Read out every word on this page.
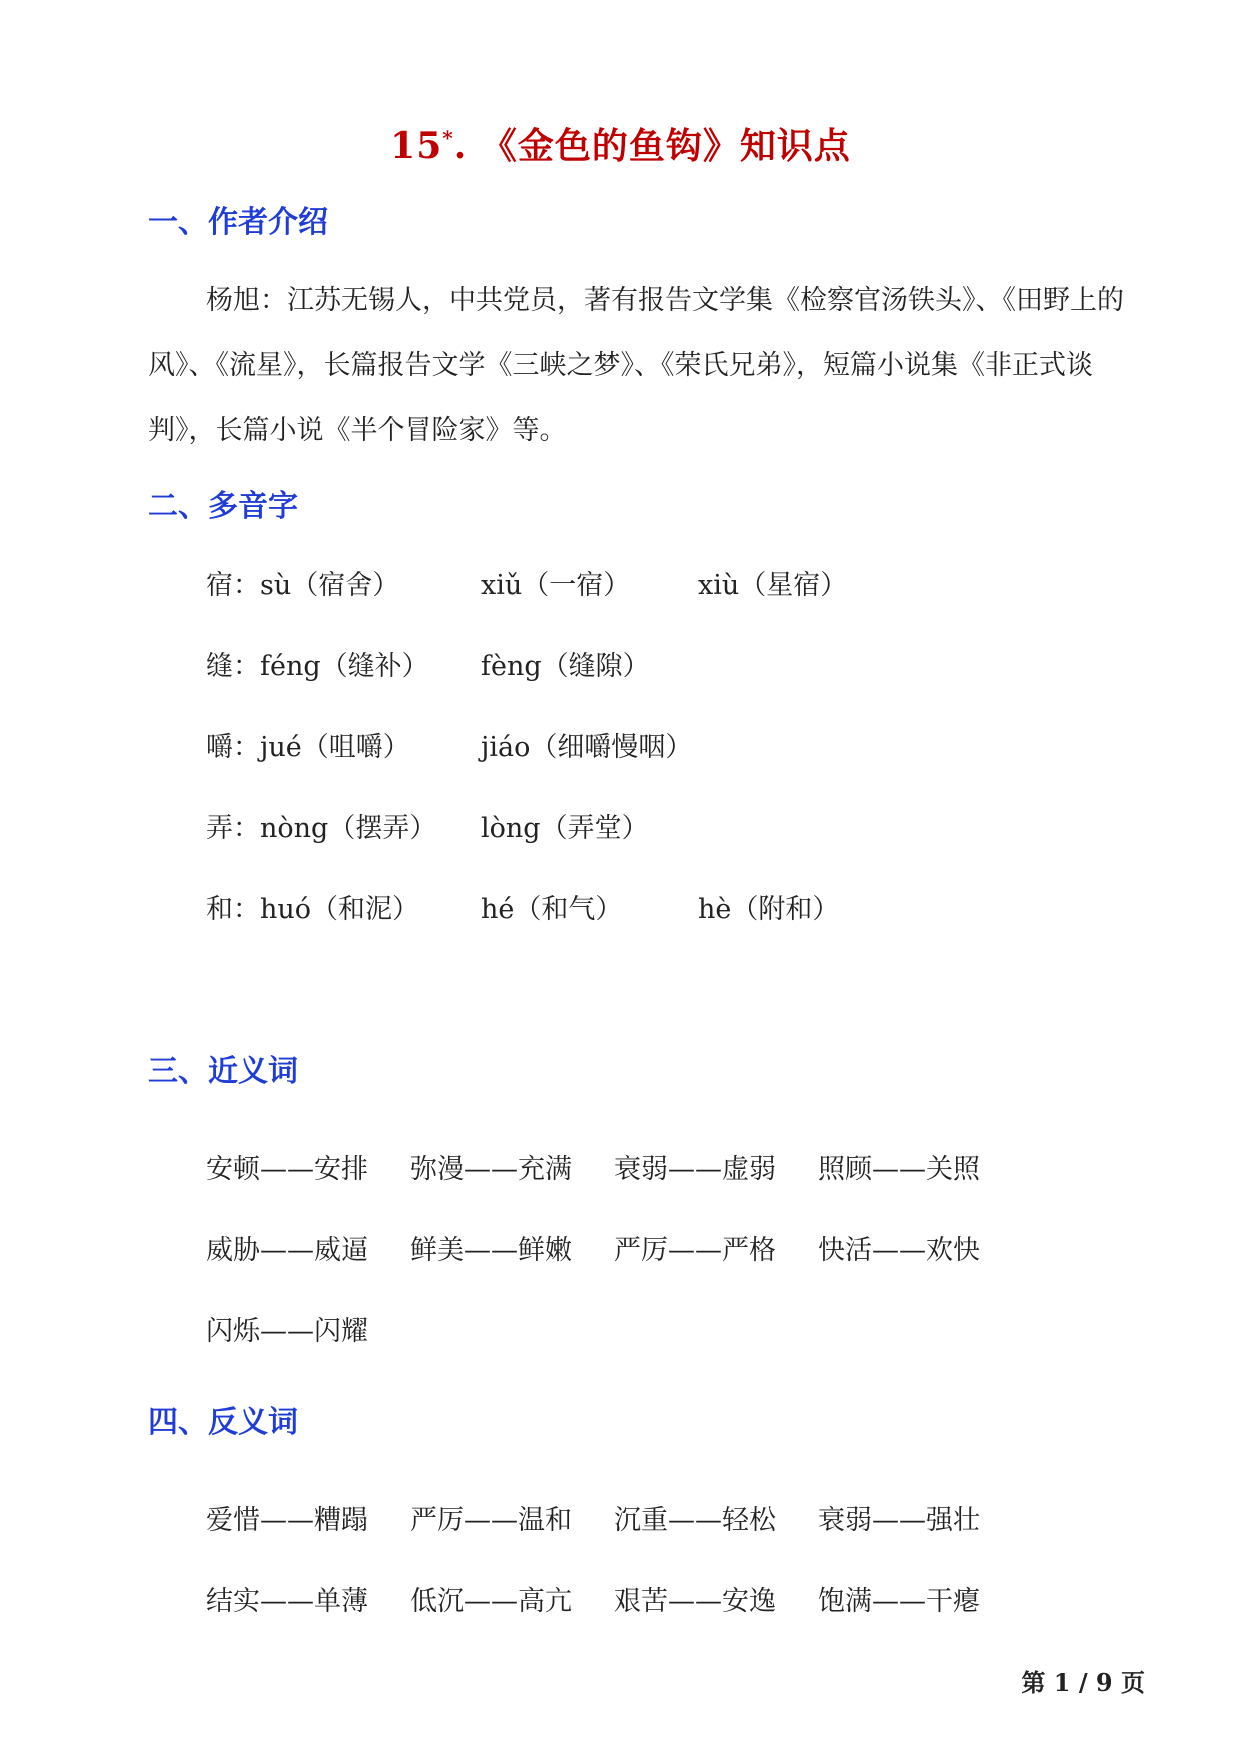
15*. 《金色的鱼钩》知识点
一、作者介绍
杨旭：江苏无锡人，中共党员，著有报告文学集《检察官汤铁头》、《田野上的风》、《流星》，长篇报告文学《三峡之梦》、《荣氏兄弟》，短篇小说集《非正式谈判》，长篇小说《半个冒险家》等。
二、多音字
宿：sù（宿舍）	xiǔ（一宿）	xiù（星宿）
缝：féng（缝补） fèng（缝隙）
嚼：jué（咀嚼）	jiáo（细嚼慢咽）
弄：nòng（摆弄） lòng（弄堂）
和：huó（和泥） hé（和气）	hè（附和）
三、近义词
安顿——安排 弥漫——充满 衰弱——虚弱 照顾——关照
威胁——威逼 鲜美——鲜嫩 严厉——严格 快活——欢快
闪烁——闪耀
四、反义词
爱惜——糟蹋 严厉——温和 沉重——轻松 衰弱——强壮
结实——单薄 低沉——高亢 艰苦——安逸 饱满——干瘪
第 1 / 9 页
